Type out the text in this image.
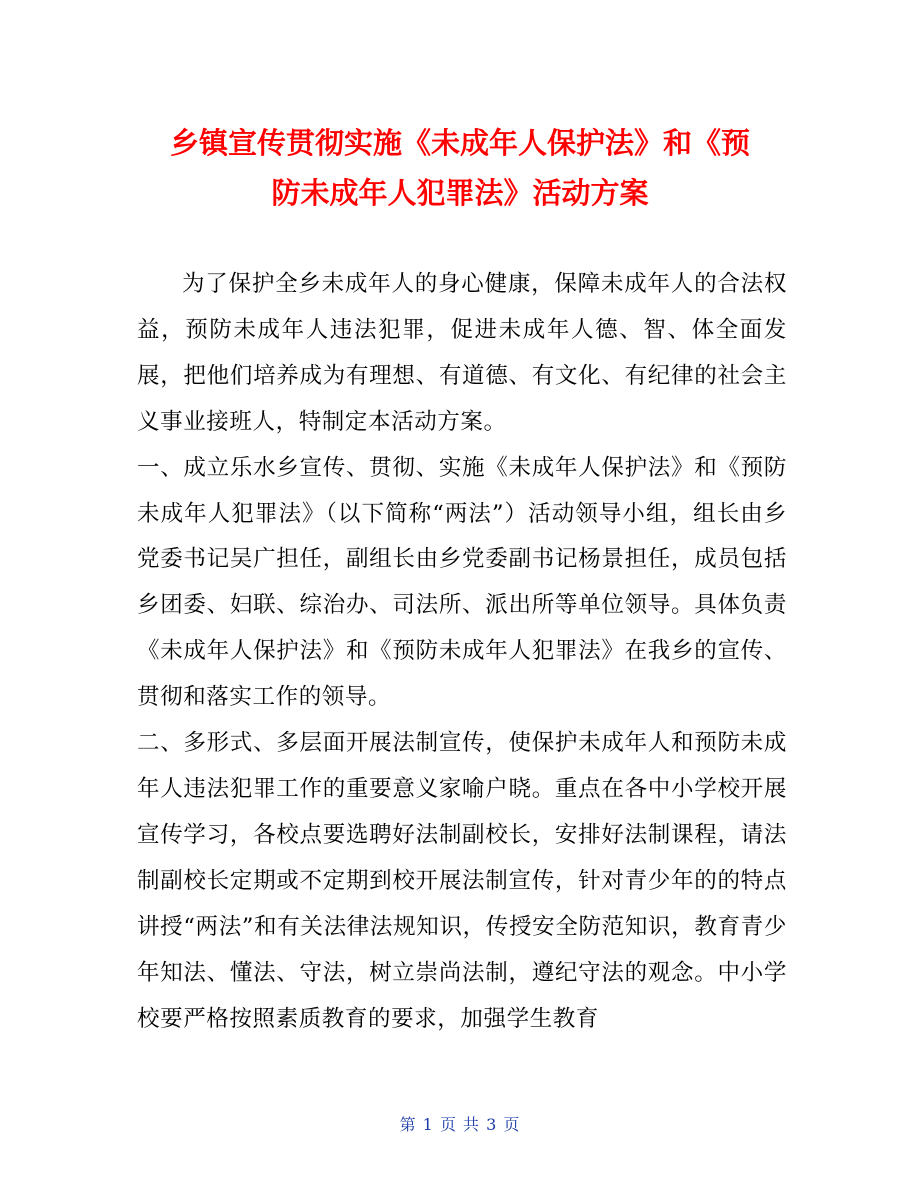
乡镇宣传贯彻实施《未成年人保护法》和《预
防未成年人犯罪法》活动方案

为了保护全乡未成年人的身心健康，保障未成年人的合法权益，预防未成年人违法犯罪，促进未成年人德、智、体全面发展，把他们培养成为有理想、有道德、有文化、有纪律的社会主义事业接班人，特制定本活动方案。

一、成立乐水乡宣传、贯彻、实施《未成年人保护法》和《预防未成年人犯罪法》（以下简称“两法”）活动领导小组，组长由乡党委书记吴广担任，副组长由乡党委副书记杨景担任，成员包括乡团委、妇联、综治办、司法所、派出所等单位领导。具体负责《未成年人保护法》和《预防未成年人犯罪法》在我乡的宣传、贯彻和落实工作的领导。

二、多形式、多层面开展法制宣传，使保护未成年人和预防未成年人违法犯罪工作的重要意义家喻户晓。重点在各中小学校开展宣传学习，各校点要选聘好法制副校长，安排好法制课程，请法制副校长定期或不定期到校开展法制宣传，针对青少年的的特点讲授“两法”和有关法律法规知识，传授安全防范知识，教育青少年知法、懂法、守法，树立崇尚法制，遵纪守法的观念。中小学校要严格按照素质教育的要求，加强学生教育

第 1 页 共 3 页
